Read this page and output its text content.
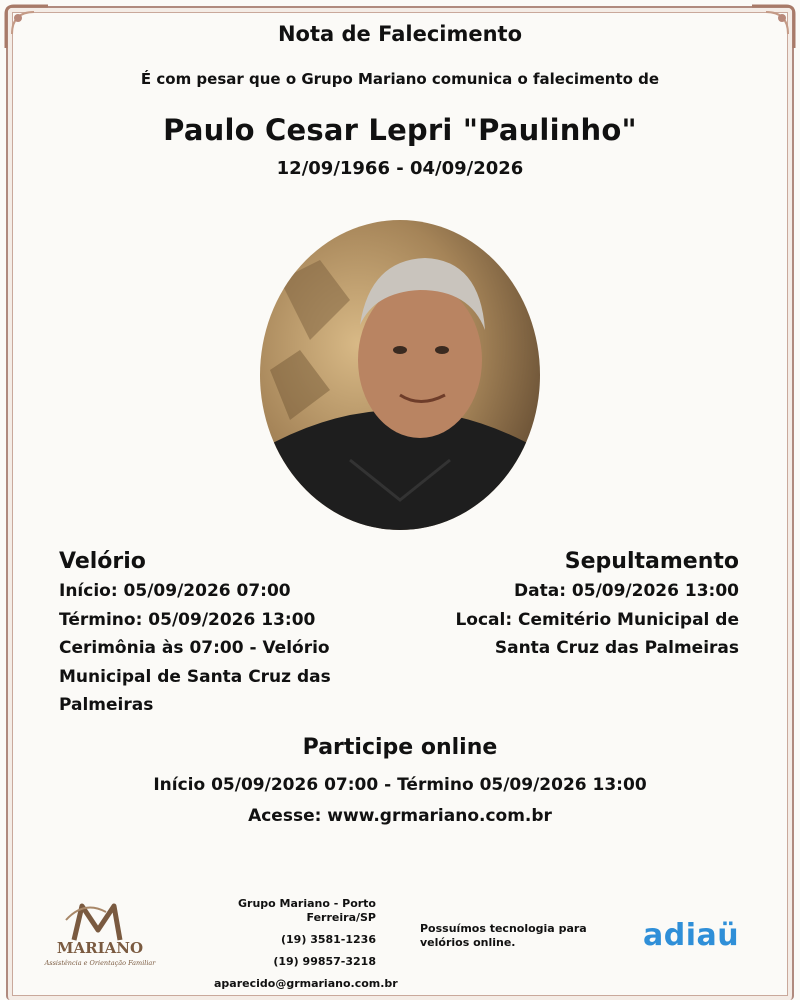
Nota de Falecimento
É com pesar que o Grupo Mariano comunica o falecimento de
Paulo Cesar Lepri "Paulinho"
12/09/1966 - 04/09/2026
Velório
Início: 05/09/2026 07:00
Término: 05/09/2026 13:00
Cerimônia às 07:00 - Velório
Municipal de Santa Cruz das
Palmeiras
Sepultamento
Data: 05/09/2026 13:00
Local: Cemitério Municipal de
Santa Cruz das Palmeiras
Participe online
Início 05/09/2026 07:00 - Término 05/09/2026 13:00
Acesse: www.grmariano.com.br
MARIANO
Assistência e Orientação Familiar
Grupo Mariano - Porto Ferreira/SP
(19) 3581-1236
(19) 99857-3218
aparecido@grmariano.com.br
Possuímos tecnologia para velórios online.	adiaü
